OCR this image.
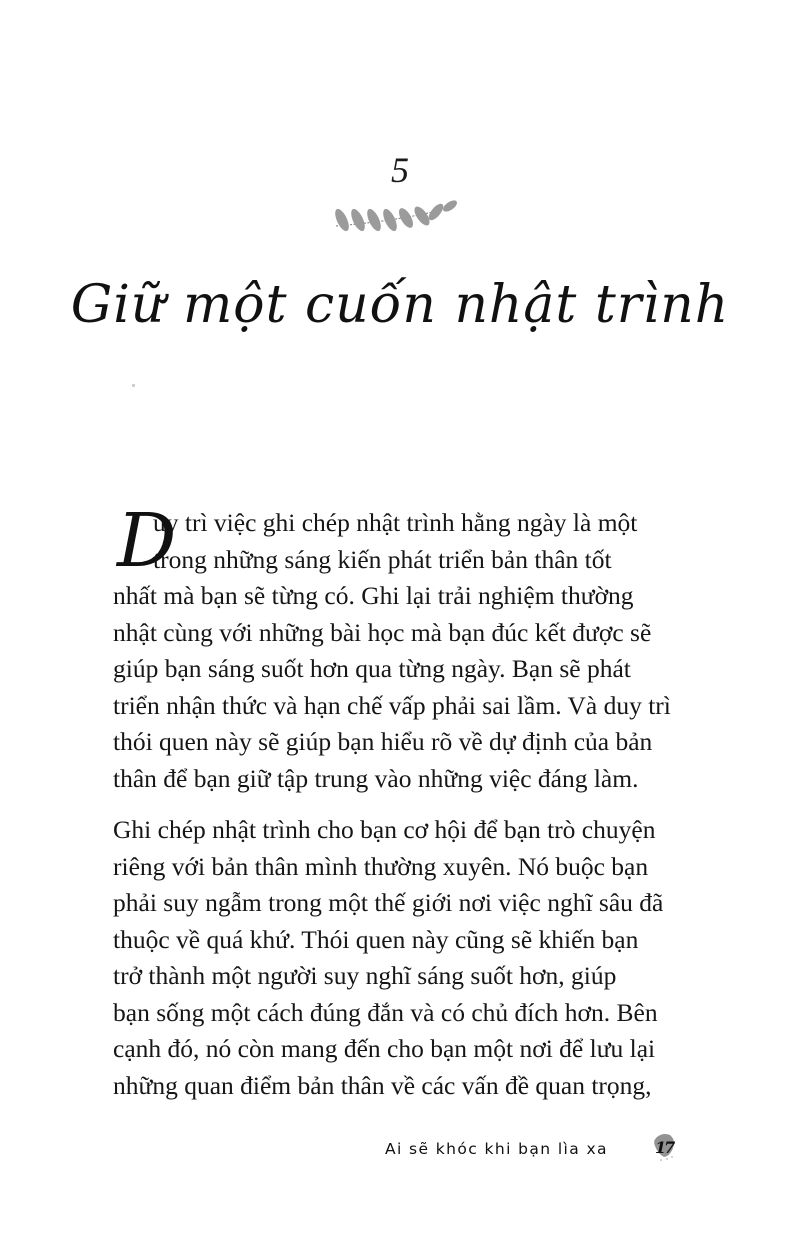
5
Giữ một cuốn nhật trình
D

uy trì việc ghi chép nhật trình hằng ngày là một
trong những sáng kiến phát triển bản thân tốt
nhất mà bạn sẽ từng có. Ghi lại trải nghiệm thường
nhật cùng với những bài học mà bạn đúc kết được sẽ
giúp bạn sáng suốt hơn qua từng ngày. Bạn sẽ phát
triển nhận thức và hạn chế vấp phải sai lầm. Và duy trì
thói quen này sẽ giúp bạn hiểu rõ về dự định của bản
thân để bạn giữ tập trung vào những việc đáng làm.

Ghi chép nhật trình cho bạn cơ hội để bạn trò chuyện
riêng với bản thân mình thường xuyên. Nó buộc bạn
phải suy ngẫm trong một thế giới nơi việc nghĩ sâu đã
thuộc về quá khứ. Thói quen này cũng sẽ khiến bạn
trở thành một người suy nghĩ sáng suốt hơn, giúp
bạn sống một cách đúng đắn và có chủ đích hơn. Bên
cạnh đó, nó còn mang đến cho bạn một nơi để lưu lại
những quan điểm bản thân về các vấn đề quan trọng,

Ai sẽ khóc khi bạn lìa xa	17
